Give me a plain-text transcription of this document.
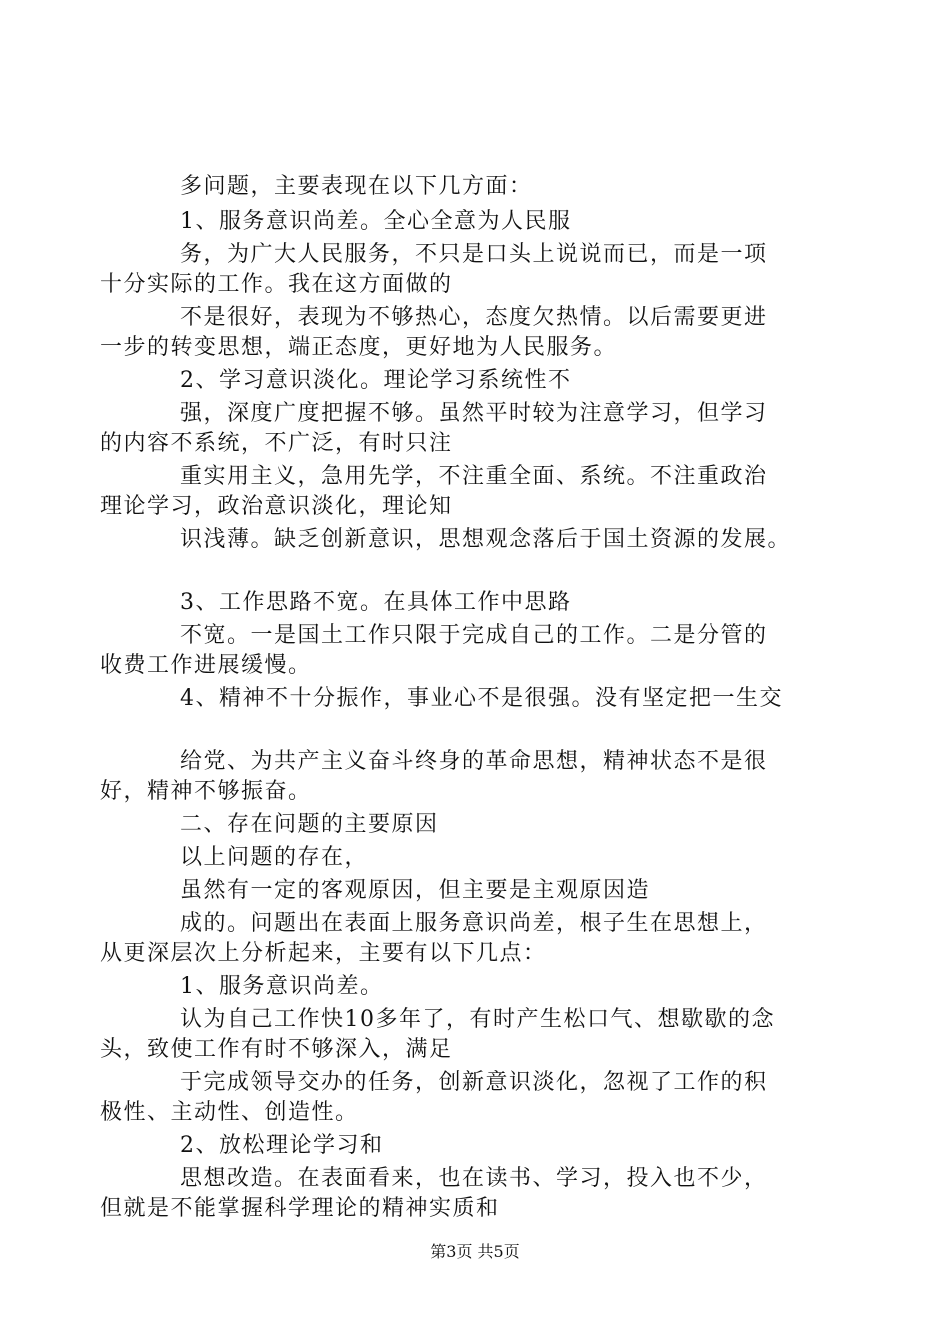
多问题，主要表现在以下几方面：
1、服务意识尚差。全心全意为人民服
务，为广大人民服务，不只是口头上说说而已，而是一项
十分实际的工作。我在这方面做的
不是很好，表现为不够热心，态度欠热情。以后需要更进
一步的转变思想，端正态度，更好地为人民服务。
2、学习意识淡化。理论学习系统性不
强，深度广度把握不够。虽然平时较为注意学习，但学习
的内容不系统，不广泛，有时只注
重实用主义，急用先学，不注重全面、系统。不注重政治
理论学习，政治意识淡化，理论知
识浅薄。缺乏创新意识，思想观念落后于国土资源的发展。
3、工作思路不宽。在具体工作中思路
不宽。一是国土工作只限于完成自己的工作。二是分管的
收费工作进展缓慢。
4、精神不十分振作，事业心不是很强。没有坚定把一生交
给党、为共产主义奋斗终身的革命思想，精神状态不是很
好，精神不够振奋。
二、存在问题的主要原因
以上问题的存在，
虽然有一定的客观原因，但主要是主观原因造
成的。问题出在表面上服务意识尚差，根子生在思想上，
从更深层次上分析起来，主要有以下几点：
1、服务意识尚差。
认为自己工作快10多年了，有时产生松口气、想歇歇的念
头，致使工作有时不够深入，满足
于完成领导交办的任务，创新意识淡化，忽视了工作的积
极性、主动性、创造性。
2、放松理论学习和
思想改造。在表面看来，也在读书、学习，投入也不少，
但就是不能掌握科学理论的精神实质和
第3页 共5页
